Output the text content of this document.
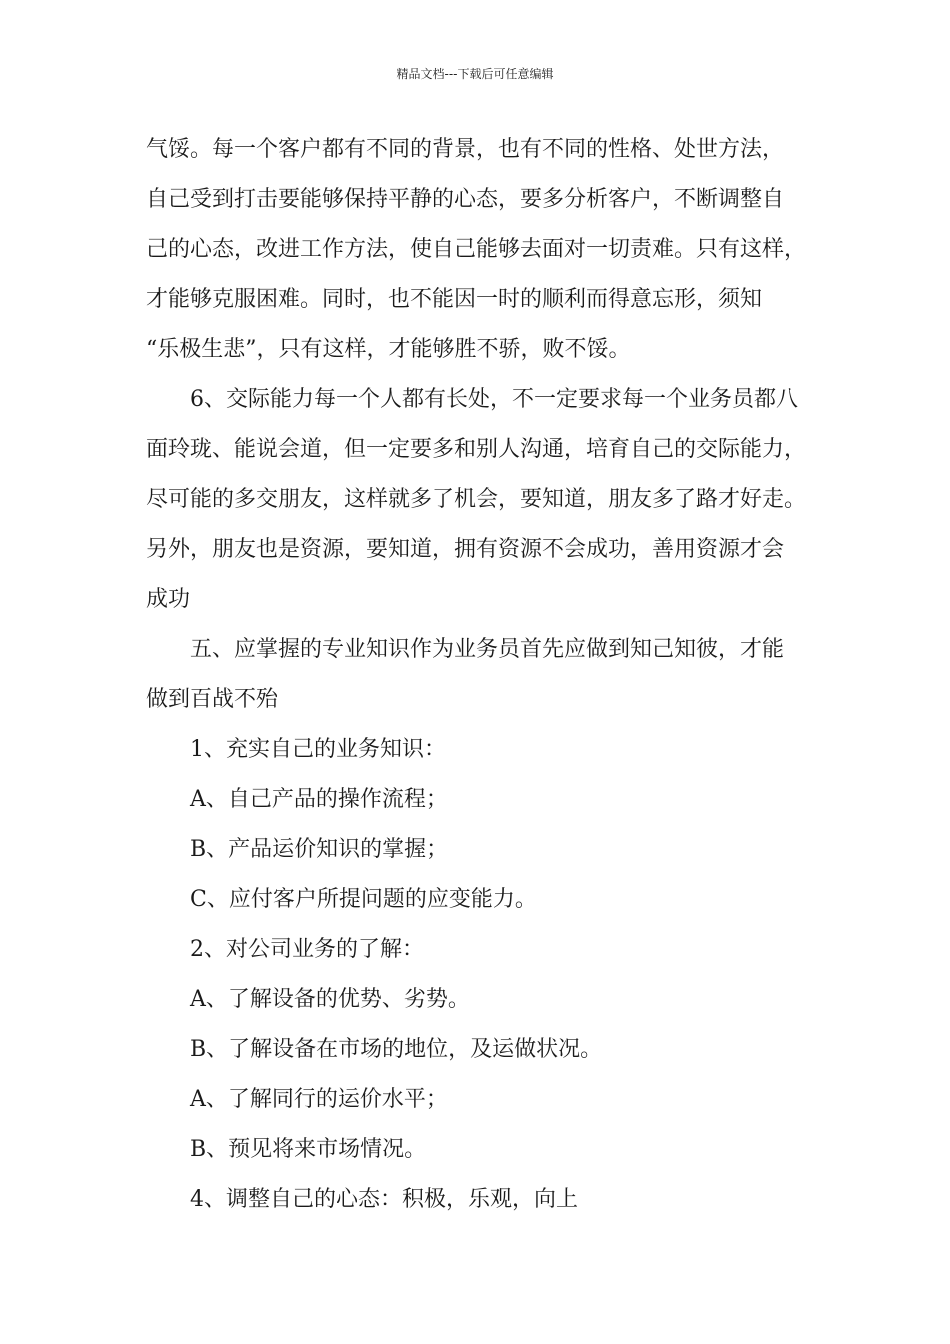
精品文档---下载后可任意编辑
气馁。每一个客户都有不同的背景，也有不同的性格、处世方法，
自己受到打击要能够保持平静的心态，要多分析客户，不断调整自
己的心态，改进工作方法，使自己能够去面对一切责难。只有这样，
才能够克服困难。同时，也不能因一时的顺利而得意忘形，须知
“乐极生悲”，只有这样，才能够胜不骄，败不馁。
6、交际能力每一个人都有长处，不一定要求每一个业务员都八
面玲珑、能说会道，但一定要多和别人沟通，培育自己的交际能力，
尽可能的多交朋友，这样就多了机会，要知道，朋友多了路才好走。
另外，朋友也是资源，要知道，拥有资源不会成功，善用资源才会
成功
五、应掌握的专业知识作为业务员首先应做到知己知彼，才能
做到百战不殆
1、充实自己的业务知识：
A、自己产品的操作流程；
B、产品运价知识的掌握；
C、应付客户所提问题的应变能力。
2、对公司业务的了解：
A、了解设备的优势、劣势。
B、了解设备在市场的地位，及运做状况。
A、了解同行的运价水平；
B、预见将来市场情况。
4、调整自己的心态：积极，乐观，向上
